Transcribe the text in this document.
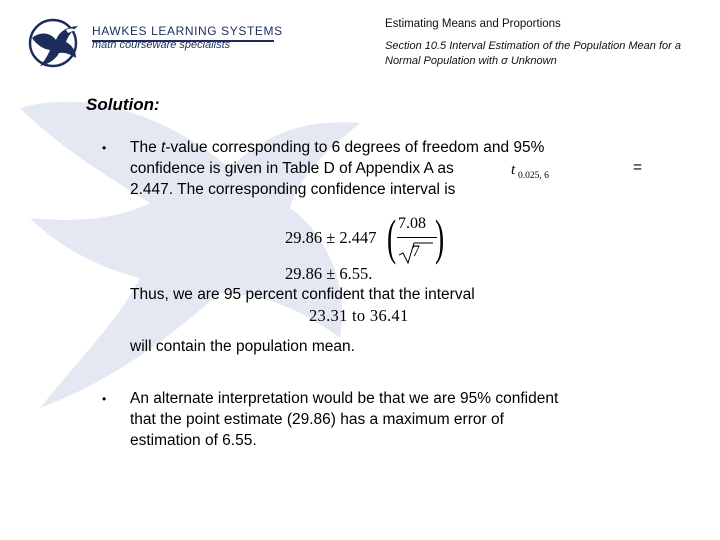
HAWKES LEARNING SYSTEMS
math courseware specialists
Estimating Means and Proportions
Section 10.5 Interval Estimation of the Population Mean for a Normal Population with σ Unknown
Solution:
• The t-value corresponding to 6 degrees of freedom and 95%
confidence is given in Table D of Appendix A as	t 0.025, 6	=
2.447. The corresponding confidence interval is
29.86 ± 2.447 ( 7.08
7 )
29.86 ± 6.55.
Thus, we are 95 percent confident that the interval
23.31 to 36.41
will contain the population mean.
• An alternate interpretation would be that we are 95% confident
that the point estimate (29.86) has a maximum error of
estimation of 6.55.
